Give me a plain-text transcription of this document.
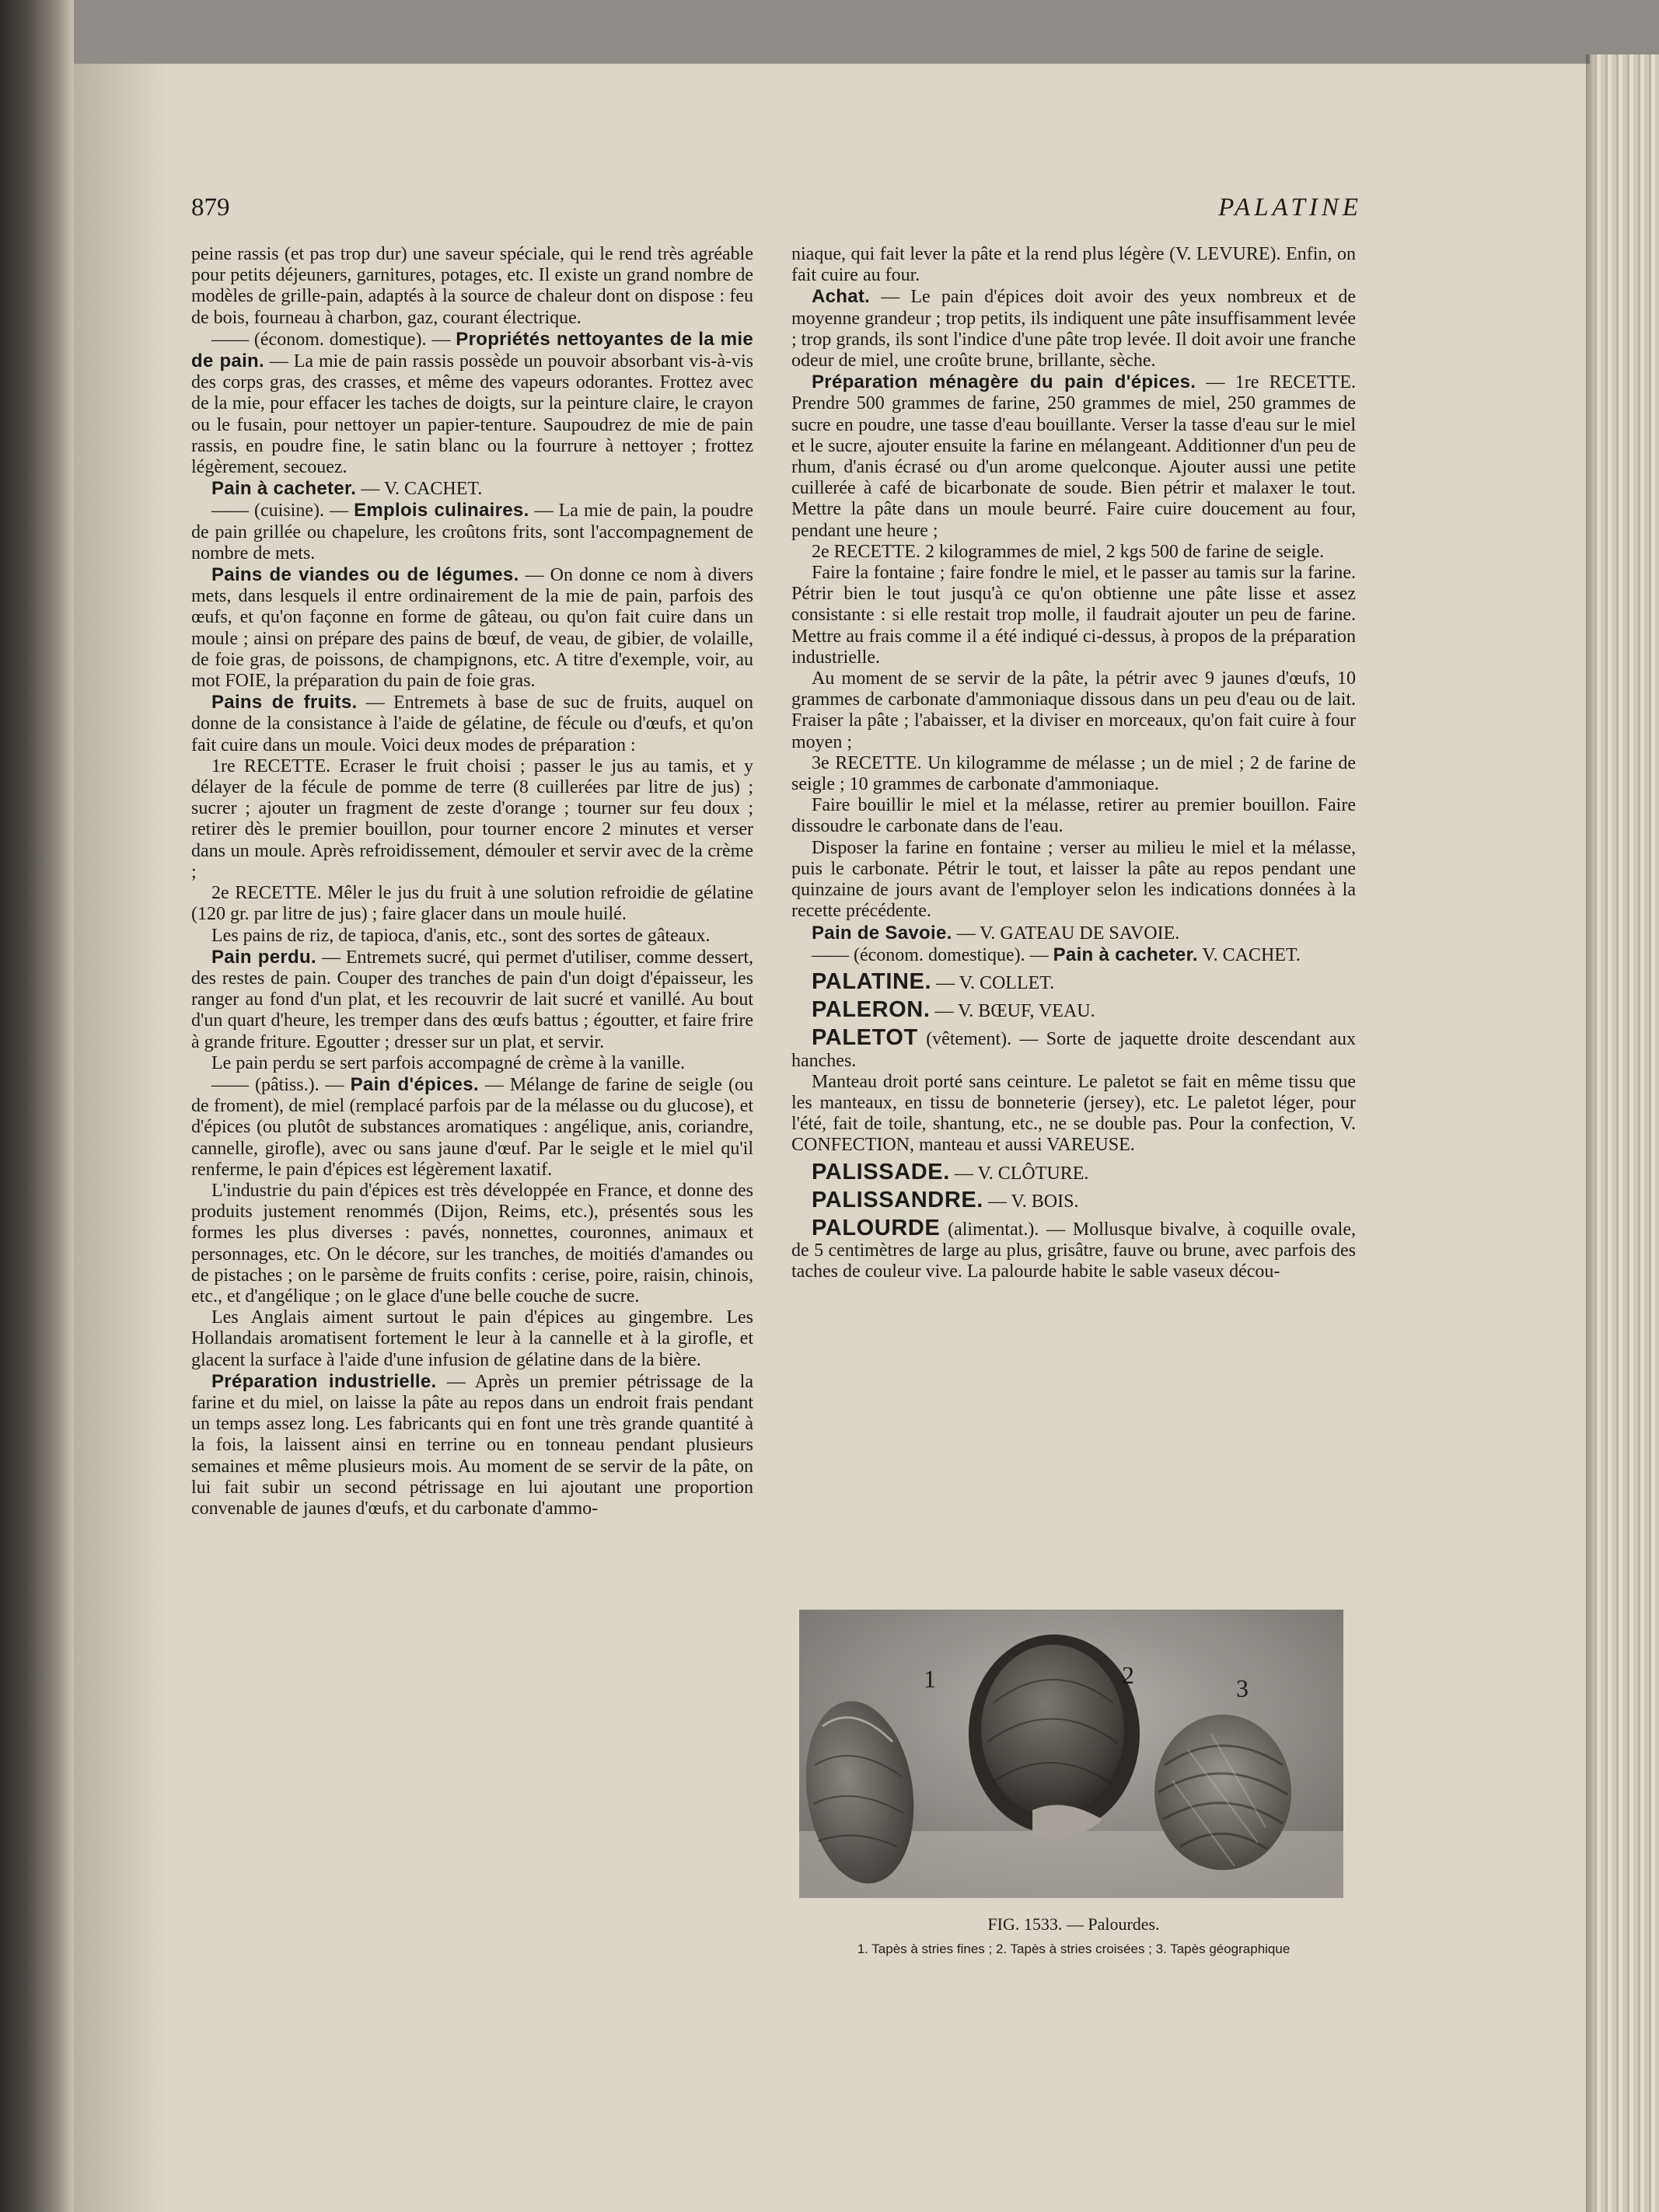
879	PALATINE

peine rassis (et pas trop dur) une saveur spéciale, qui le rend très agréable pour petits déjeuners, garnitures, potages, etc. Il existe un grand nombre de modèles de grille-pain, adaptés à la source de chaleur dont on dispose : feu de bois, fourneau à charbon, gaz, courant électrique.

—— (économ. domestique). — Propriétés nettoyantes de la mie de pain. — La mie de pain rassis possède un pouvoir absorbant vis-à-vis des corps gras, des crasses, et même des vapeurs odorantes. Frottez avec de la mie, pour effacer les taches de doigts, sur la peinture claire, le crayon ou le fusain, pour nettoyer un papier-tenture. Saupoudrez de mie de pain rassis, en poudre fine, le satin blanc ou la fourrure à nettoyer ; frottez légèrement, secouez.

Pain à cacheter. — V. CACHET.

—— (cuisine). — Emplois culinaires. — La mie de pain, la poudre de pain grillée ou chapelure, les croûtons frits, sont l'accompagnement de nombre de mets.

Pains de viandes ou de légumes. — On donne ce nom à divers mets, dans lesquels il entre ordinairement de la mie de pain, parfois des œufs, et qu'on façonne en forme de gâteau, ou qu'on fait cuire dans un moule ; ainsi on prépare des pains de bœuf, de veau, de gibier, de volaille, de foie gras, de poissons, de champignons, etc. A titre d'exemple, voir, au mot FOIE, la préparation du pain de foie gras.

Pains de fruits. — Entremets à base de suc de fruits, auquel on donne de la consistance à l'aide de gélatine, de fécule ou d'œufs, et qu'on fait cuire dans un moule. Voici deux modes de préparation :

1re RECETTE. Ecraser le fruit choisi ; passer le jus au tamis, et y délayer de la fécule de pomme de terre (8 cuillerées par litre de jus) ; sucrer ; ajouter un fragment de zeste d'orange ; tourner sur feu doux ; retirer dès le premier bouillon, pour tourner encore 2 minutes et verser dans un moule. Après refroidissement, démouler et servir avec de la crème ;

2e RECETTE. Mêler le jus du fruit à une solution refroidie de gélatine (120 gr. par litre de jus) ; faire glacer dans un moule huilé.

Les pains de riz, de tapioca, d'anis, etc., sont des sortes de gâteaux.

Pain perdu. — Entremets sucré, qui permet d'utiliser, comme dessert, des restes de pain. Couper des tranches de pain d'un doigt d'épaisseur, les ranger au fond d'un plat, et les recouvrir de lait sucré et vanillé. Au bout d'un quart d'heure, les tremper dans des œufs battus ; égoutter, et faire frire à grande friture. Egoutter ; dresser sur un plat, et servir.

Le pain perdu se sert parfois accompagné de crème à la vanille.

—— (pâtiss.). — Pain d'épices. — Mélange de farine de seigle (ou de froment), de miel (remplacé parfois par de la mélasse ou du glucose), et d'épices (ou plutôt de substances aromatiques : angélique, anis, coriandre, cannelle, girofle), avec ou sans jaune d'œuf. Par le seigle et le miel qu'il renferme, le pain d'épices est légèrement laxatif.

L'industrie du pain d'épices est très développée en France, et donne des produits justement renommés (Dijon, Reims, etc.), présentés sous les formes les plus diverses : pavés, nonnettes, couronnes, animaux et personnages, etc. On le décore, sur les tranches, de moitiés d'amandes ou de pistaches ; on le parsème de fruits confits : cerise, poire, raisin, chinois, etc., et d'angélique ; on le glace d'une belle couche de sucre.

Les Anglais aiment surtout le pain d'épices au gingembre. Les Hollandais aromatisent fortement le leur à la cannelle et à la girofle, et glacent la surface à l'aide d'une infusion de gélatine dans de la bière.

Préparation industrielle. — Après un premier pétrissage de la farine et du miel, on laisse la pâte au repos dans un endroit frais pendant un temps assez long. Les fabricants qui en font une très grande quantité à la fois, la laissent ainsi en terrine ou en tonneau pendant plusieurs semaines et même plusieurs mois. Au moment de se servir de la pâte, on lui fait subir un second pétrissage en lui ajoutant une proportion convenable de jaunes d'œufs, et du carbonate d'ammo-

niaque, qui fait lever la pâte et la rend plus légère (V. LEVURE). Enfin, on fait cuire au four.

Achat. — Le pain d'épices doit avoir des yeux nombreux et de moyenne grandeur ; trop petits, ils indiquent une pâte insuffisamment levée ; trop grands, ils sont l'indice d'une pâte trop levée. Il doit avoir une franche odeur de miel, une croûte brune, brillante, sèche.

Préparation ménagère du pain d'épices. — 1re RECETTE. Prendre 500 grammes de farine, 250 grammes de miel, 250 grammes de sucre en poudre, une tasse d'eau bouillante. Verser la tasse d'eau sur le miel et le sucre, ajouter ensuite la farine en mélangeant. Additionner d'un peu de rhum, d'anis écrasé ou d'un arome quelconque. Ajouter aussi une petite cuillerée à café de bicarbonate de soude. Bien pétrir et malaxer le tout. Mettre la pâte dans un moule beurré. Faire cuire doucement au four, pendant une heure ;

2e RECETTE. 2 kilogrammes de miel, 2 kgs 500 de farine de seigle.

Faire la fontaine ; faire fondre le miel, et le passer au tamis sur la farine. Pétrir bien le tout jusqu'à ce qu'on obtienne une pâte lisse et assez consistante : si elle restait trop molle, il faudrait ajouter un peu de farine. Mettre au frais comme il a été indiqué ci-dessus, à propos de la préparation industrielle.

Au moment de se servir de la pâte, la pétrir avec 9 jaunes d'œufs, 10 grammes de carbonate d'ammoniaque dissous dans un peu d'eau ou de lait. Fraiser la pâte ; l'abaisser, et la diviser en morceaux, qu'on fait cuire à four moyen ;

3e RECETTE. Un kilogramme de mélasse ; un de miel ; 2 de farine de seigle ; 10 grammes de carbonate d'ammoniaque.

Faire bouillir le miel et la mélasse, retirer au premier bouillon. Faire dissoudre le carbonate dans de l'eau.

Disposer la farine en fontaine ; verser au milieu le miel et la mélasse, puis le carbonate. Pétrir le tout, et laisser la pâte au repos pendant une quinzaine de jours avant de l'employer selon les indications données à la recette précédente.

Pain de Savoie. — V. GATEAU DE SAVOIE.

—— (économ. domestique). — Pain à cacheter. V. CACHET.

PALATINE. — V. COLLET.

PALERON. — V. BŒUF, VEAU.

PALETOT (vêtement). — Sorte de jaquette droite descendant aux hanches.

Manteau droit porté sans ceinture. Le paletot se fait en même tissu que les manteaux, en tissu de bonneterie (jersey), etc. Le paletot léger, pour l'été, fait de toile, shantung, etc., ne se double pas. Pour la confection, V. CONFECTION, manteau et aussi VAREUSE.

PALISSADE. — V. CLÔTURE.

PALISSANDRE. — V. BOIS.

PALOURDE (alimentat.). — Mollusque bivalve, à coquille ovale, de 5 centimètres de large au plus, grisâtre, fauve ou brune, avec parfois des taches de couleur vive. La palourde habite le sable vaseux décou-

1	2	3

FIG. 1533. — Palourdes.

1. Tapès à stries fines ; 2. Tapès à stries croisées ; 3. Tapès géographique
